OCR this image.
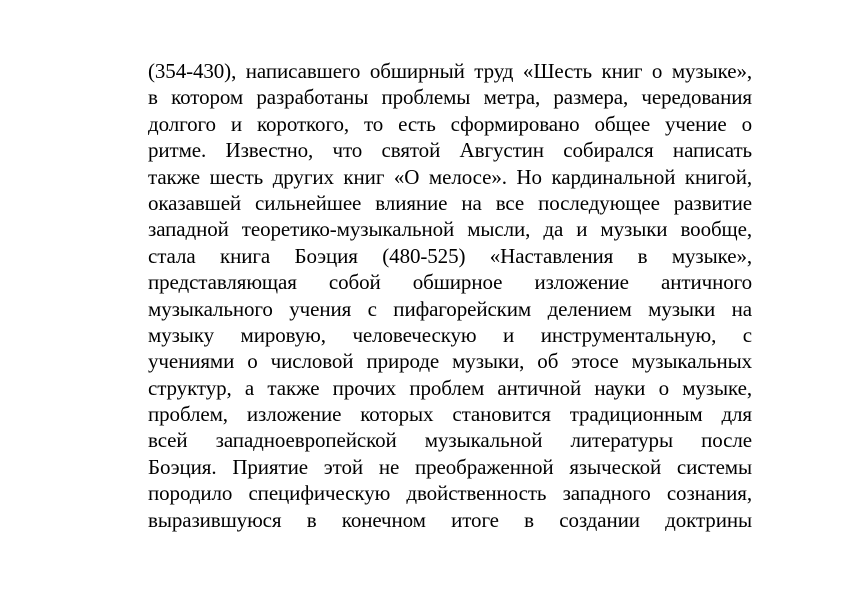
(354-430), написавшего обширный труд «Шесть книг о музыке»,
в котором разработаны проблемы метра, размера, чередования
долгого и короткого, то есть сформировано общее учение о
ритме. Известно, что святой Августин собирался написать
также шесть других книг «О мелосе». Но кардинальной книгой,
оказавшей сильнейшее влияние на все последующее развитие
западной теоретико-музыкальной мысли, да и музыки вообще,
стала книга Боэция (480-525) «Наставления в музыке»,
представляющая собой обширное изложение античного
музыкального учения с пифагорейским делением музыки на
музыку мировую, человеческую и инструментальную, с
учениями о числовой природе музыки, об этосе музыкальных
структур, а также прочих проблем античной науки о музыке,
проблем, изложение которых становится традиционным для
всей западноевропейской музыкальной литературы после
Боэция. Приятие этой не преображенной языческой системы
породило специфическую двойственность западного сознания,
выразившуюся в конечном итоге в создании доктрины
